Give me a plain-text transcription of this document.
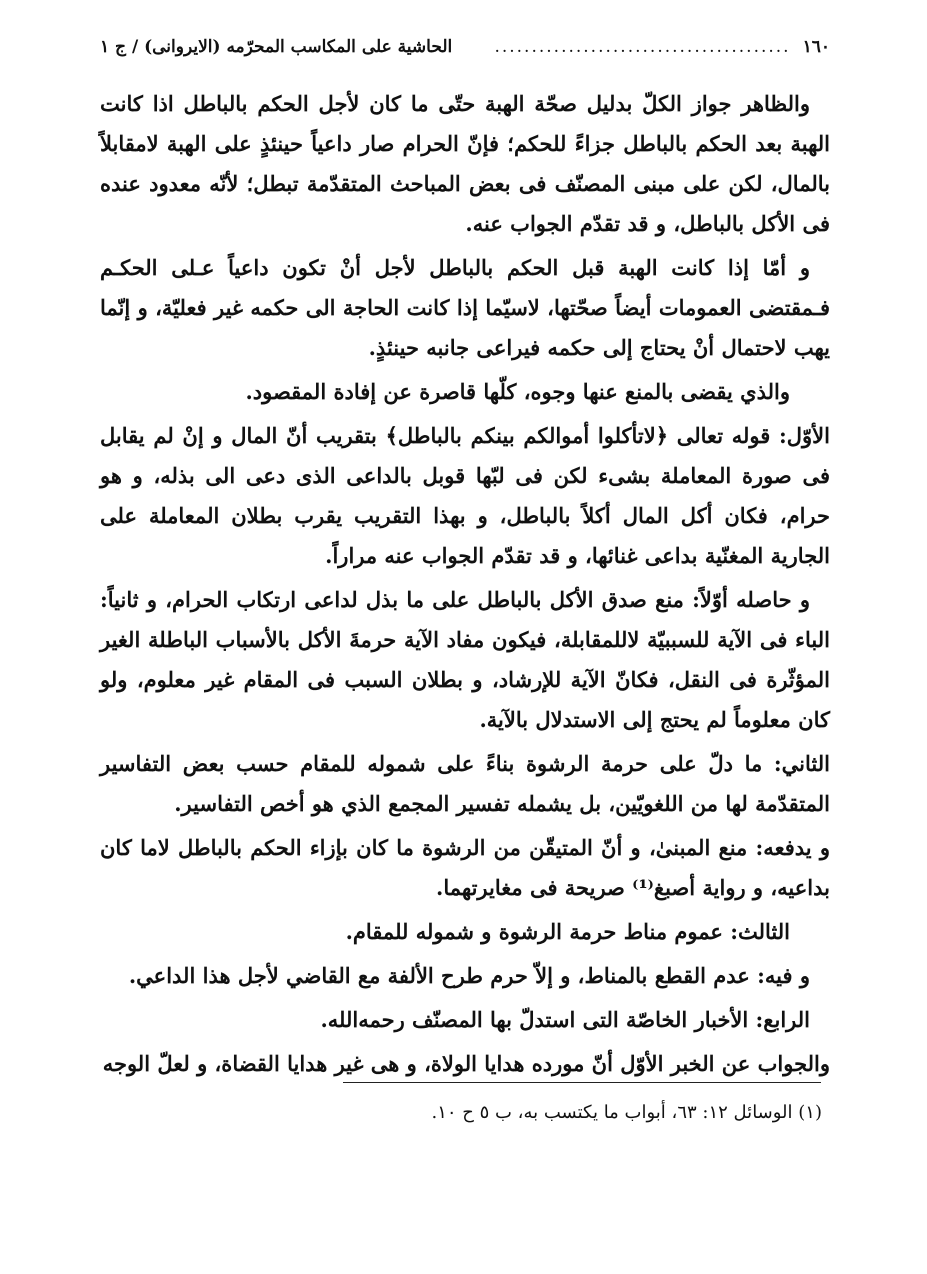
١٦٠
........................................
الحاشية على المكاسب المحرّمه (الايروانى) / ج ١

والظاهر جواز الكلّ بدليل صحّة الهبة حتّى ما كان لأجل الحكم بالباطل اذا كانت الهبة بعد الحكم بالباطل جزاءً للحكم؛ فإنّ الحرام صار داعياً حينئذٍ على الهبة لامقابلاً بالمال، لكن على مبنى المصنّف فى بعض المباحث المتقدّمة تبطل؛ لأنّه معدود عنده فى الأكل بالباطل، و قد تقدّم الجواب عنه.

و أمّا إذا كانت الهبة قبل الحكم بالباطل لأجل أنْ تكون داعياً عـلى الحكـم فـمقتضى العمومات أيضاً صحّتها، لاسيّما إذا كانت الحاجة الى حكمه غير فعليّة، و إنّما يهب لاحتمال أنْ يحتاج إلى حكمه فيراعى جانبه حينئذٍ.

والذي يقضى بالمنع عنها وجوه، كلّها قاصرة عن إفادة المقصود.

الأوّل: قوله تعالى ﴿لاتأكلوا أموالكم بينكم بالباطل﴾ بتقريب أنّ المال و إنْ لم يقابل فى صورة المعاملة بشىء لكن فى لبّها قوبل بالداعى الذى دعى الى بذله، و هو حرام، فكان أكل المال أكلاً بالباطل، و بهذا التقريب يقرب بطلان المعاملة على الجارية المغنّية بداعى غنائها، و قد تقدّم الجواب عنه مراراً.

و حاصله أوّلاً: منع صدق الأكل بالباطل على ما بذل لداعى ارتكاب الحرام، و ثانياً: الباء فى الآية للسببيّة لاللمقابلة، فيكون مفاد الآية حرمةَ الأكل بالأسباب الباطلة الغير المؤثّرة فى النقل، فكانّ الآية للإرشاد، و بطلان السبب فى المقام غير معلوم، ولو كان معلوماً لم يحتج إلى الاستدلال بالآية.

الثاني: ما دلّ على حرمة الرشوة بناءً على شموله للمقام حسب بعض التفاسير المتقدّمة لها من اللغويّين، بل يشمله تفسير المجمع الذي هو أخص التفاسير.

و يدفعه: منع المبنىٰ، و أنّ المتيقّن من الرشوة ما كان بإزاء الحكم بالباطل لاما كان بداعيه، و رواية أصبغ⁽¹⁾ صريحة فى مغايرتهما.

الثالث: عموم مناط حرمة الرشوة و شموله للمقام.

و فيه: عدم القطع بالمناط، و إلاّ حرم طرح الألفة مع القاضي لأجل هذا الداعي.

الرابع: الأخبار الخاصّة التى استدلّ بها المصنّف رحمه‌الله.

والجواب عن الخبر الأوّل أنّ مورده هدايا الولاة، و هى غير هدايا القضاة، و لعلّ الوجه

(١) الوسائل ١٢: ٦٣، أبواب ما يكتسب به، ب ٥ ح ١٠.
